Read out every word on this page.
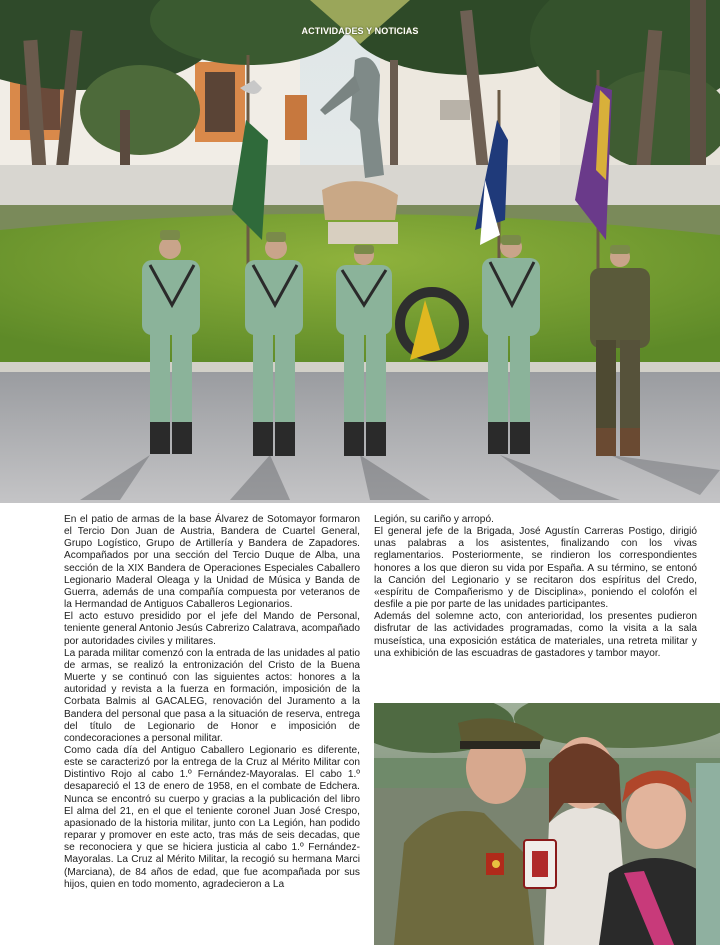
ACTIVIDADES Y NOTICIAS

En el patio de armas de la base Álvarez de Sotomayor formaron el Tercio Don Juan de Austria, Bandera de Cuartel General, Grupo Logístico, Grupo de Artillería y Bandera de Zapadores. Acompañados por una sección del Tercio Duque de Alba, una sección de la XIX Bandera de Operaciones Especiales Caballero Legionario Maderal Oleaga y la Unidad de Música y Banda de Guerra, además de una compañía compuesta por veteranos de la Hermandad de Antiguos Caballeros Legionarios.

El acto estuvo presidido por el jefe del Mando de Personal, teniente general Antonio Jesús Cabrerizo Calatrava, acompañado por autoridades civiles y militares.

La parada militar comenzó con la entrada de las unidades al patio de armas, se realizó la entronización del Cristo de la Buena Muerte y se continuó con las siguientes actos: honores a la autoridad y revista a la fuerza en formación, imposición de la Corbata Balmis al GACALEG, renovación del Juramento a la Bandera del personal que pasa a la situación de reserva, entrega del título de Legionario de Honor e imposición de condecoraciones a personal militar.

Como cada día del Antiguo Caballero Legionario es diferente, este se caracterizó por la entrega de la Cruz al Mérito Militar con Distintivo Rojo al cabo 1.º Fernández-Mayoralas. El cabo 1.º desapareció el 13 de enero de 1958, en el combate de Edchera. Nunca se encontró su cuerpo y gracias a la publicación del libro El alma del 21, en el que el teniente coronel Juan José Crespo, apasionado de la historia militar, junto con La Legión, han podido reparar y promover en este acto, tras más de seis decadas, que se reconociera y que se hiciera justicia al cabo 1.º Fernández-Mayoralas. La Cruz al Mérito Militar, la recogió su hermana Marci (Marciana), de 84 años de edad, que fue acompañada por sus hijos, quien en todo momento, agradecieron a La

Legión, su cariño y arropó.

El general jefe de la Brigada, José Agustín Carreras Postigo, dirigió unas palabras a los asistentes, finalizando con los vivas reglamentarios. Posteriormente, se rindieron los correspondientes honores a los que dieron su vida por España. A su término, se entonó la Canción del Legionario y se recitaron dos espíritus del Credo, «espíritu de Compañerismo y de Disciplina», poniendo el colofón el desfile a pie por parte de las unidades participantes.

Además del solemne acto, con anterioridad, los presentes pudieron disfrutar de las actividades programadas, como la visita a la sala museística, una exposición estática de materiales, una retreta militar y una exhibición de las escuadras de gastadores y tambor mayor.
